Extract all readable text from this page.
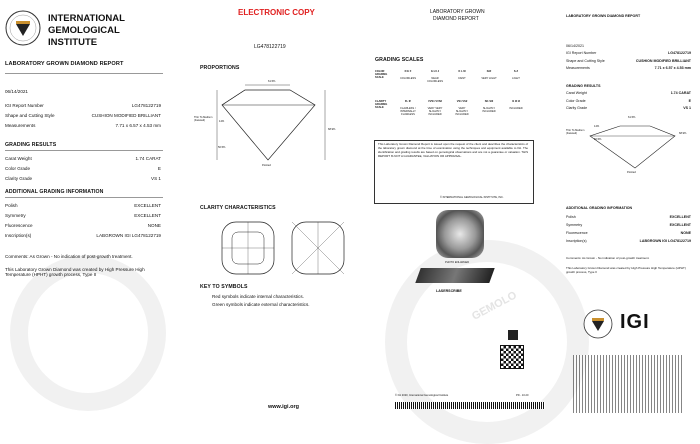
INTERNATIONAL
GEMOLOGICAL
INSTITUTE
LABORATORY GROWN DIAMOND REPORT
06/14/2021
IGI Report Number	LG478122719
Shape and Cutting Style	CUSHION MODIFIED BRILLIANT
Measurements	7.71 x 6.57 x 4.53 mm
GRADING RESULTS
Carat Weight	1.74 CARAT
Color Grade	E
Clarity Grade	VS 1
ADDITIONAL GRADING INFORMATION
Polish	EXCELLENT
Symmetry	EXCELLENT
Fluorescence	NONE
Inscription(s)	LABGROWN IGI LG478122719
Comments: As Grown - No indication of post-growth treatment.
This Laboratory Grown Diamond was created by High Pressure High Temperature (HPHT) growth process, Type II
ELECTRONIC COPY
LG478122719
PROPORTIONS
61.5%
Thin To Medium (Faceted)	14%
50.5%
68.9%
Pointed
CLARITY CHARACTERISTICS
KEY TO SYMBOLS
Red symbols indicate internal characteristics.
Green symbols indicate external characteristics.
www.igi.org
LABORATORY GROWN
DIAMOND REPORT
GRADING SCALES
COLOR GRADING SCALE
D E F
COLORLESS
G H I J
NEAR COLORLESS
K L M
FAINT
N-R
VERY LIGHT
S-Z
LIGHT
CLARITY GRADING SCALE
FL IF
FLAWLESS / INTERNALLY FLAWLESS
VVS1 VVS2
VERY VERY SLIGHTLY INCLUDED
VS1 VS2
VERY SLIGHTLY INCLUDED
SI1 SI2
SLIGHTLY INCLUDED
I1 I2 I3
INCLUDED
This Laboratory Grown Diamond Report is issued upon the request of the client and describes the characteristics of the laboratory grown diamond at the time of examination using the techniques and equipment available to IGI. The identification and grading results are based on gemological observations and are not a guarantee or valuation. THIS REPORT IS NOT A GUARANTEE, VALUATION OR APPRAISAL.
© INTERNATIONAL GEMOLOGICAL INSTITUTE, INC.
PHOTO ENLARGED
LASERSCRIBE GEMOLO
© IGI 2020, International Gemological Institute	PD - 10.20
LABORATORY GROWN DIAMOND REPORT
06/14/2021
IGI Report Number	LG478122719
Shape and Cutting Style	CUSHION MODIFIED BRILLIANT
Measurements	7.71 x 6.57 x 4.53 mm
GRADING RESULTS
Carat Weight	1.74 CARAT
Color Grade	E
Clarity Grade	VS 1
61.5%
Thin To Medium (Faceted)
14%
50.5%
68.9%
Pointed
ADDITIONAL GRADING INFORMATION
Polish	EXCELLENT
Symmetry	EXCELLENT
Fluorescence	NONE
Inscription(s)	LABGROWN IGI LG478122719
Comments: As Grown - No indication of post-growth treatment.
This Laboratory Grown Diamond was created by High Pressure High Temperature (HPHT) growth process, Type II
IGI
